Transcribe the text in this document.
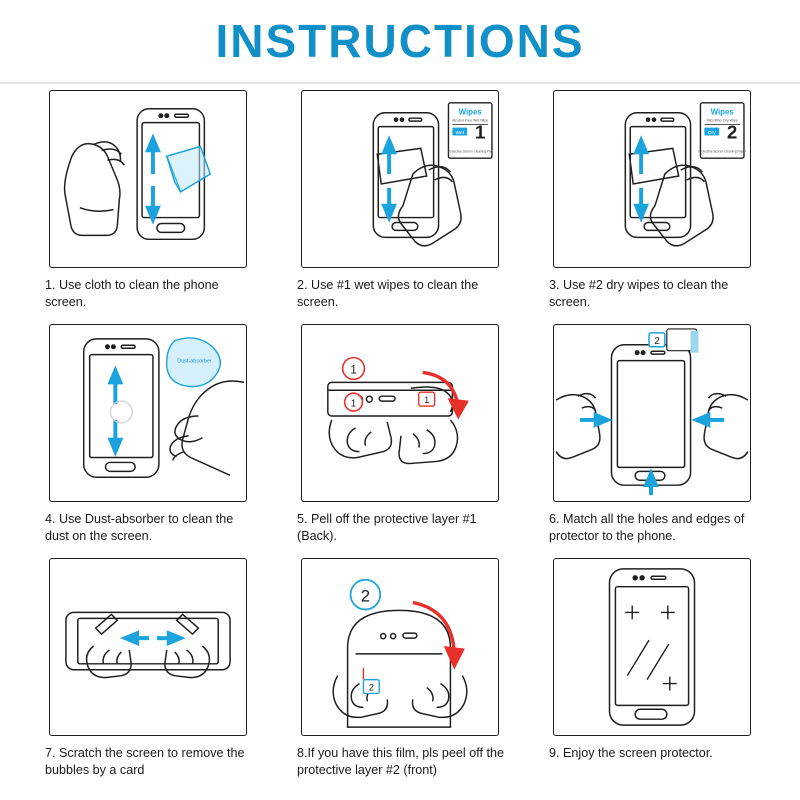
INSTRUCTIONS
1. Use cloth to clean the phone screen.
Wipes
Alcohol Free Wet Wipe
Wet 1
Protective Screen Cleaning Pad
2. Use #1 wet wipes to clean the screen.
Wipes
Microfiber Dry Wipe
Dry 2
Protective Screen Cleaning Paper
3. Use #2 dry wipes to clean the screen.
Dust-absorber
4. Use Dust-absorber to clean the dust on the screen.
1
1	1
5. Pell off the protective layer #1 (Back).
2
6. Match all the holes and edges of protector to the phone.
7. Scratch the screen to remove the bubbles by a card
2
2
8.If you have this film, pls peel off the protective layer #2 (front)
9. Enjoy the screen protector.
